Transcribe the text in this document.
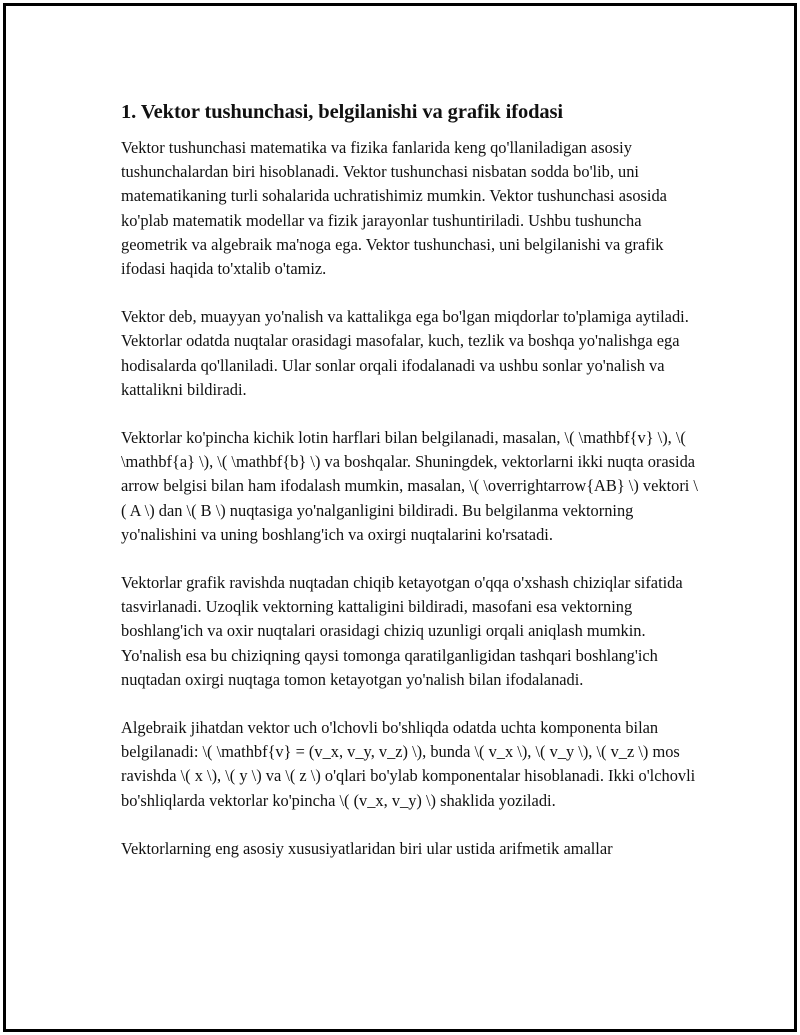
1. Vektor tushunchasi, belgilanishi va grafik ifodasi

Vektor tushunchasi matematika va fizika fanlarida keng qo'llaniladigan asosiy tushunchalardan biri hisoblanadi. Vektor tushunchasi nisbatan sodda bo'lib, uni matematikaning turli sohalarida uchratishimiz mumkin. Vektor tushunchasi asosida ko'plab matematik modellar va fizik jarayonlar tushuntiriladi. Ushbu tushuncha geometrik va algebraik ma'noga ega. Vektor tushunchasi, uni belgilanishi va grafik ifodasi haqida to'xtalib o'tamiz.

Vektor deb, muayyan yo'nalish va kattalikga ega bo'lgan miqdorlar to'plamiga aytiladi. Vektorlar odatda nuqtalar orasidagi masofalar, kuch, tezlik va boshqa yo'nalishga ega hodisalarda qo'llaniladi. Ular sonlar orqali ifodalanadi va ushbu sonlar yo'nalish va kattalikni bildiradi.

Vektorlar ko'pincha kichik lotin harflari bilan belgilanadi, masalan, \( \mathbf{v} \), \( \mathbf{a} \), \( \mathbf{b} \) va boshqalar. Shuningdek, vektorlarni ikki nuqta orasida arrow belgisi bilan ham ifodalash mumkin, masalan, \( \overrightarrow{AB} \) vektori \( A \) dan \( B \) nuqtasiga yo'nalganligini bildiradi. Bu belgilanma vektorning yo'nalishini va uning boshlang'ich va oxirgi nuqtalarini ko'rsatadi.

Vektorlar grafik ravishda nuqtadan chiqib ketayotgan o'qqa o'xshash chiziqlar sifatida tasvirlanadi. Uzoqlik vektorning kattaligini bildiradi, masofani esa vektorning boshlang'ich va oxir nuqtalari orasidagi chiziq uzunligi orqali aniqlash mumkin. Yo'nalish esa bu chiziqning qaysi tomonga qaratilganligidan tashqari boshlang'ich nuqtadan oxirgi nuqtaga tomon ketayotgan yo'nalish bilan ifodalanadi.

Algebraik jihatdan vektor uch o'lchovli bo'shliqda odatda uchta komponenta bilan belgilanadi: \( \mathbf{v} = (v_x, v_y, v_z) \), bunda \( v_x \), \( v_y \), \( v_z \) mos ravishda \( x \), \( y \) va \( z \) o'qlari bo'ylab komponentalar hisoblanadi. Ikki o'lchovli bo'shliqlarda vektorlar ko'pincha \( (v_x, v_y) \) shaklida yoziladi.

Vektorlarning eng asosiy xususiyatlaridan biri ular ustida arifmetik amallar
